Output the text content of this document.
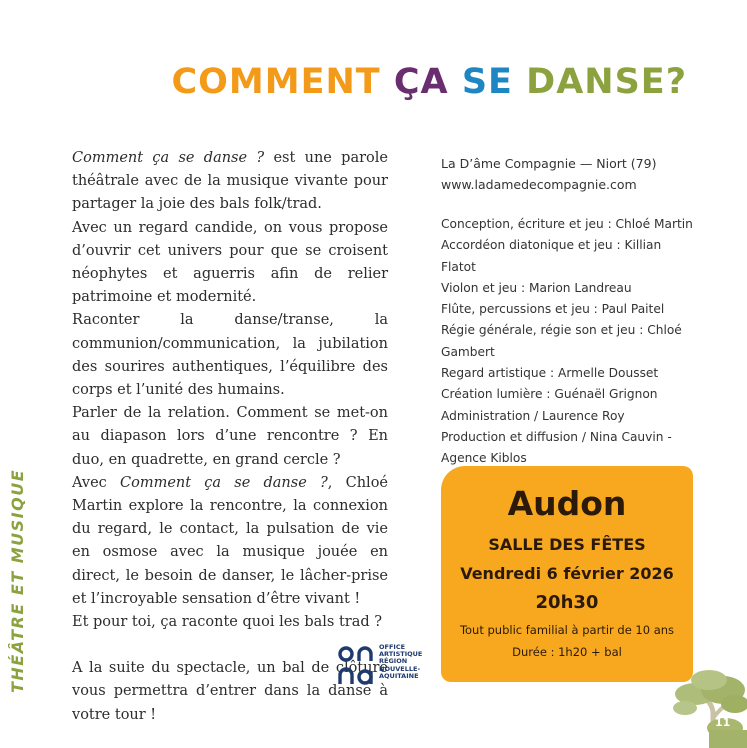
COMMENT ÇA SE DANSE?

Comment ça se danse ? est une parole théâtrale avec de la musique vivante pour partager la joie des bals folk/trad.

Avec un regard candide, on vous propose d’ouvrir cet univers pour que se croisent néophytes et aguerris afin de relier patrimoine et modernité.

Raconter la danse/transe, la communion/communication, la jubilation des sourires authentiques, l’équilibre des corps et l’unité des humains.

Parler de la relation. Comment se met-on au diapason lors d’une rencontre ? En duo, en quadrette, en grand cercle ?

Avec Comment ça se danse ?, Chloé Martin explore la rencontre, la connexion du regard, le contact, la pulsation de vie en osmose avec la musique jouée en direct, le besoin de danser, le lâcher-prise et l’incroyable sensation d’être vivant !

Et pour toi, ça raconte quoi les bals trad ?

A la suite du spectacle, un bal de clôture vous permettra d’entrer dans la danse à votre tour !

La D’âme Compagnie — Niort (79)
www.ladamedecompagnie.com

Conception, écriture et jeu : Chloé Martin

Accordéon diatonique et jeu : Killian Flatot

Violon et jeu : Marion Landreau

Flûte, percussions et jeu : Paul Paitel

Régie générale, régie son et jeu : Chloé Gambert

Regard artistique : Armelle Dousset

Création lumière : Guénaël Grignon

Administration / Laurence Roy Production et diffusion / Nina Cauvin - Agence Kiblos

THÉÂTRE ET MUSIQUE	Audon
SALLE DES FÊTES
Vendredi 6 février 2026
20h30
Tout public familial à partir de 10 ans
Durée : 1h20 + bal
OFFICE
ARTISTIQUE
RÉGION
NOUVELLE-
AQUITAINE
11
